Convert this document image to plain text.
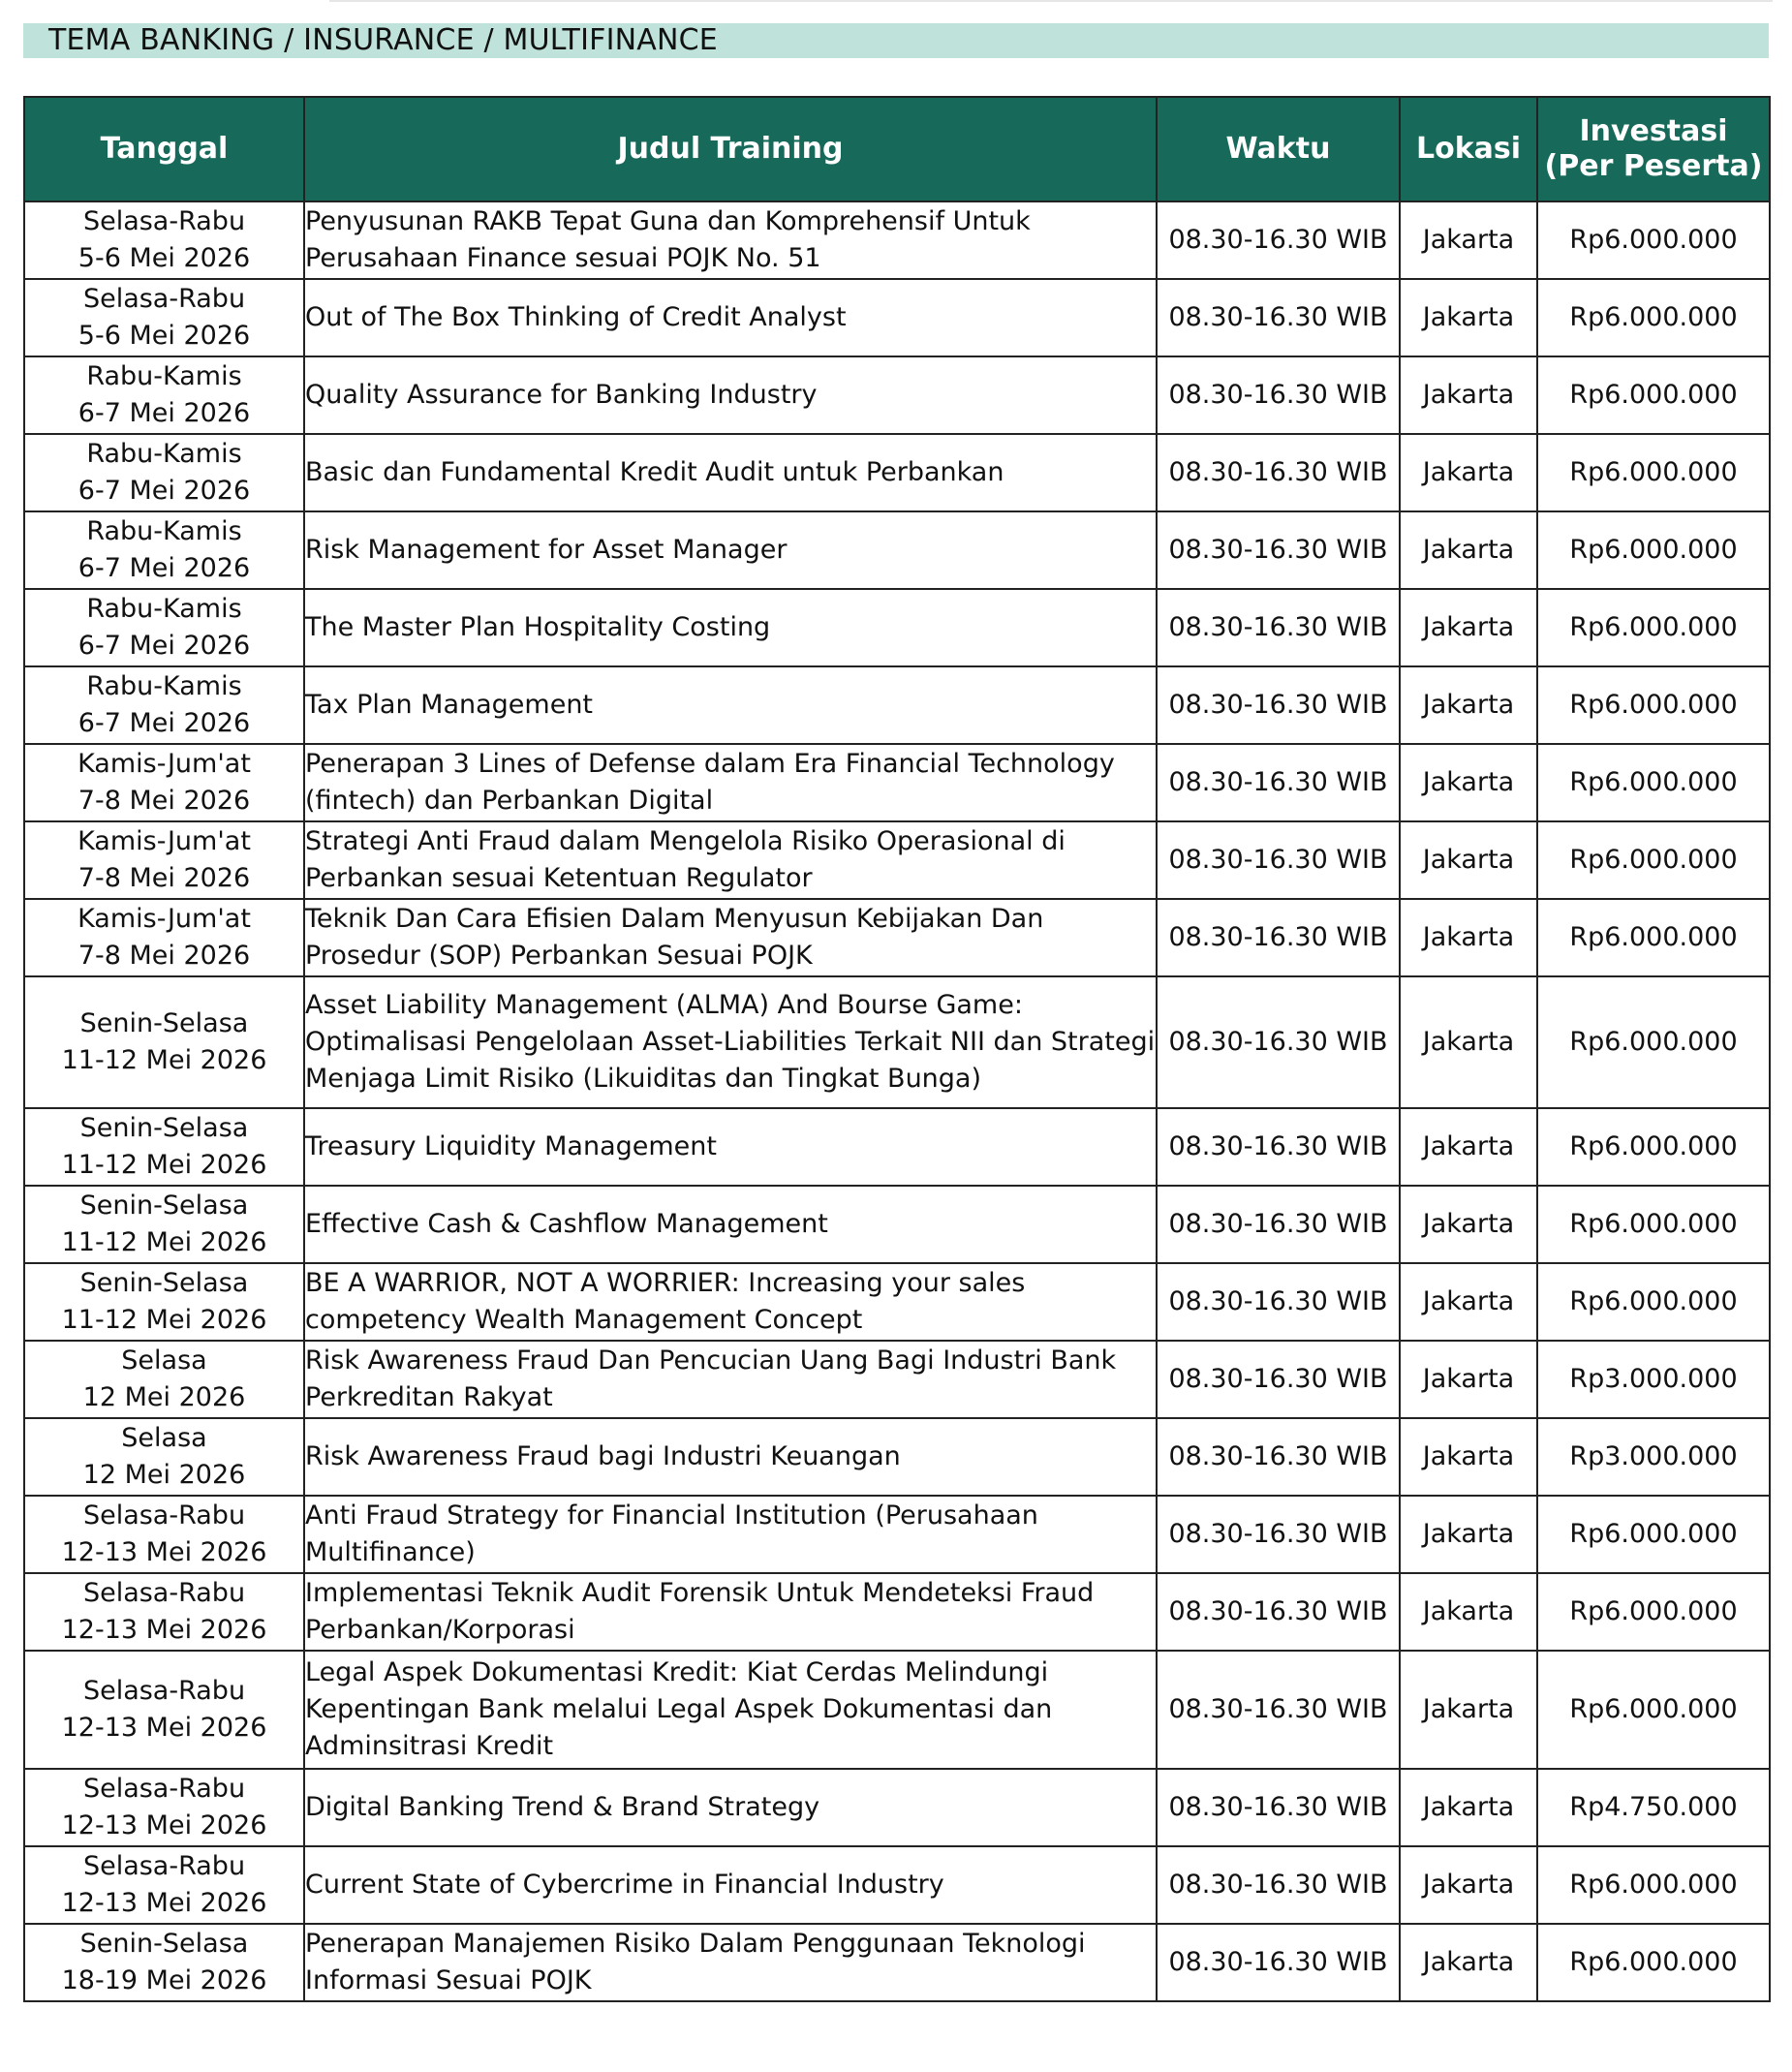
TEMA BANKING / INSURANCE / MULTIFINANCE
Tanggal	Judul Training	Waktu	Lokasi	Investasi
(Per Peserta)

Selasa-Rabu
5-6 Mei 2026	Penyusunan RAKB Tepat Guna dan Komprehensif Untuk Perusahaan Finance sesuai POJK No. 51	08.30-16.30 WIB	Jakarta	Rp6.000.000

Selasa-Rabu
5-6 Mei 2026	Out of The Box Thinking of Credit Analyst	08.30-16.30 WIB	Jakarta	Rp6.000.000

Rabu-Kamis
6-7 Mei 2026	Quality Assurance for Banking Industry	08.30-16.30 WIB	Jakarta	Rp6.000.000

Rabu-Kamis
6-7 Mei 2026	Basic dan Fundamental Kredit Audit untuk Perbankan	08.30-16.30 WIB	Jakarta	Rp6.000.000

Rabu-Kamis
6-7 Mei 2026	Risk Management for Asset Manager	08.30-16.30 WIB	Jakarta	Rp6.000.000

Rabu-Kamis
6-7 Mei 2026	The Master Plan Hospitality Costing	08.30-16.30 WIB	Jakarta	Rp6.000.000

Rabu-Kamis
6-7 Mei 2026	Tax Plan Management	08.30-16.30 WIB	Jakarta	Rp6.000.000

Kamis-Jum'at
7-8 Mei 2026	Penerapan 3 Lines of Defense dalam Era Financial Technology (fintech) dan Perbankan Digital	08.30-16.30 WIB	Jakarta	Rp6.000.000

Kamis-Jum'at
7-8 Mei 2026	Strategi Anti Fraud dalam Mengelola Risiko Operasional di Perbankan sesuai Ketentuan Regulator	08.30-16.30 WIB	Jakarta	Rp6.000.000

Kamis-Jum'at
7-8 Mei 2026	Teknik Dan Cara Efisien Dalam Menyusun Kebijakan Dan Prosedur (SOP) Perbankan Sesuai POJK	08.30-16.30 WIB	Jakarta	Rp6.000.000

Senin-Selasa
11-12 Mei 2026	Asset Liability Management (ALMA) And Bourse Game: Optimalisasi Pengelolaan Asset-Liabilities Terkait NII dan Strategi Menjaga Limit Risiko (Likuiditas dan Tingkat Bunga)	08.30-16.30 WIB	Jakarta	Rp6.000.000

Senin-Selasa
11-12 Mei 2026	Treasury Liquidity Management	08.30-16.30 WIB	Jakarta	Rp6.000.000

Senin-Selasa
11-12 Mei 2026	Effective Cash & Cashflow Management	08.30-16.30 WIB	Jakarta	Rp6.000.000

Senin-Selasa
11-12 Mei 2026	BE A WARRIOR, NOT A WORRIER: Increasing your sales competency Wealth Management Concept	08.30-16.30 WIB	Jakarta	Rp6.000.000

Selasa
12 Mei 2026	Risk Awareness Fraud Dan Pencucian Uang Bagi Industri Bank Perkreditan Rakyat	08.30-16.30 WIB	Jakarta	Rp3.000.000

Selasa
12 Mei 2026	Risk Awareness Fraud bagi Industri Keuangan	08.30-16.30 WIB	Jakarta	Rp3.000.000

Selasa-Rabu
12-13 Mei 2026	Anti Fraud Strategy for Financial Institution (Perusahaan Multifinance)	08.30-16.30 WIB	Jakarta	Rp6.000.000

Selasa-Rabu
12-13 Mei 2026	Implementasi Teknik Audit Forensik Untuk Mendeteksi Fraud Perbankan/Korporasi	08.30-16.30 WIB	Jakarta	Rp6.000.000

Selasa-Rabu
12-13 Mei 2026	Legal Aspek Dokumentasi Kredit: Kiat Cerdas Melindungi Kepentingan Bank melalui Legal Aspek Dokumentasi dan Adminsitrasi Kredit	08.30-16.30 WIB	Jakarta	Rp6.000.000

Selasa-Rabu
12-13 Mei 2026	Digital Banking Trend & Brand Strategy	08.30-16.30 WIB	Jakarta	Rp4.750.000

Selasa-Rabu
12-13 Mei 2026	Current State of Cybercrime in Financial Industry	08.30-16.30 WIB	Jakarta	Rp6.000.000

Senin-Selasa
18-19 Mei 2026	Penerapan Manajemen Risiko Dalam Penggunaan Teknologi Informasi Sesuai POJK	08.30-16.30 WIB	Jakarta	Rp6.000.000
